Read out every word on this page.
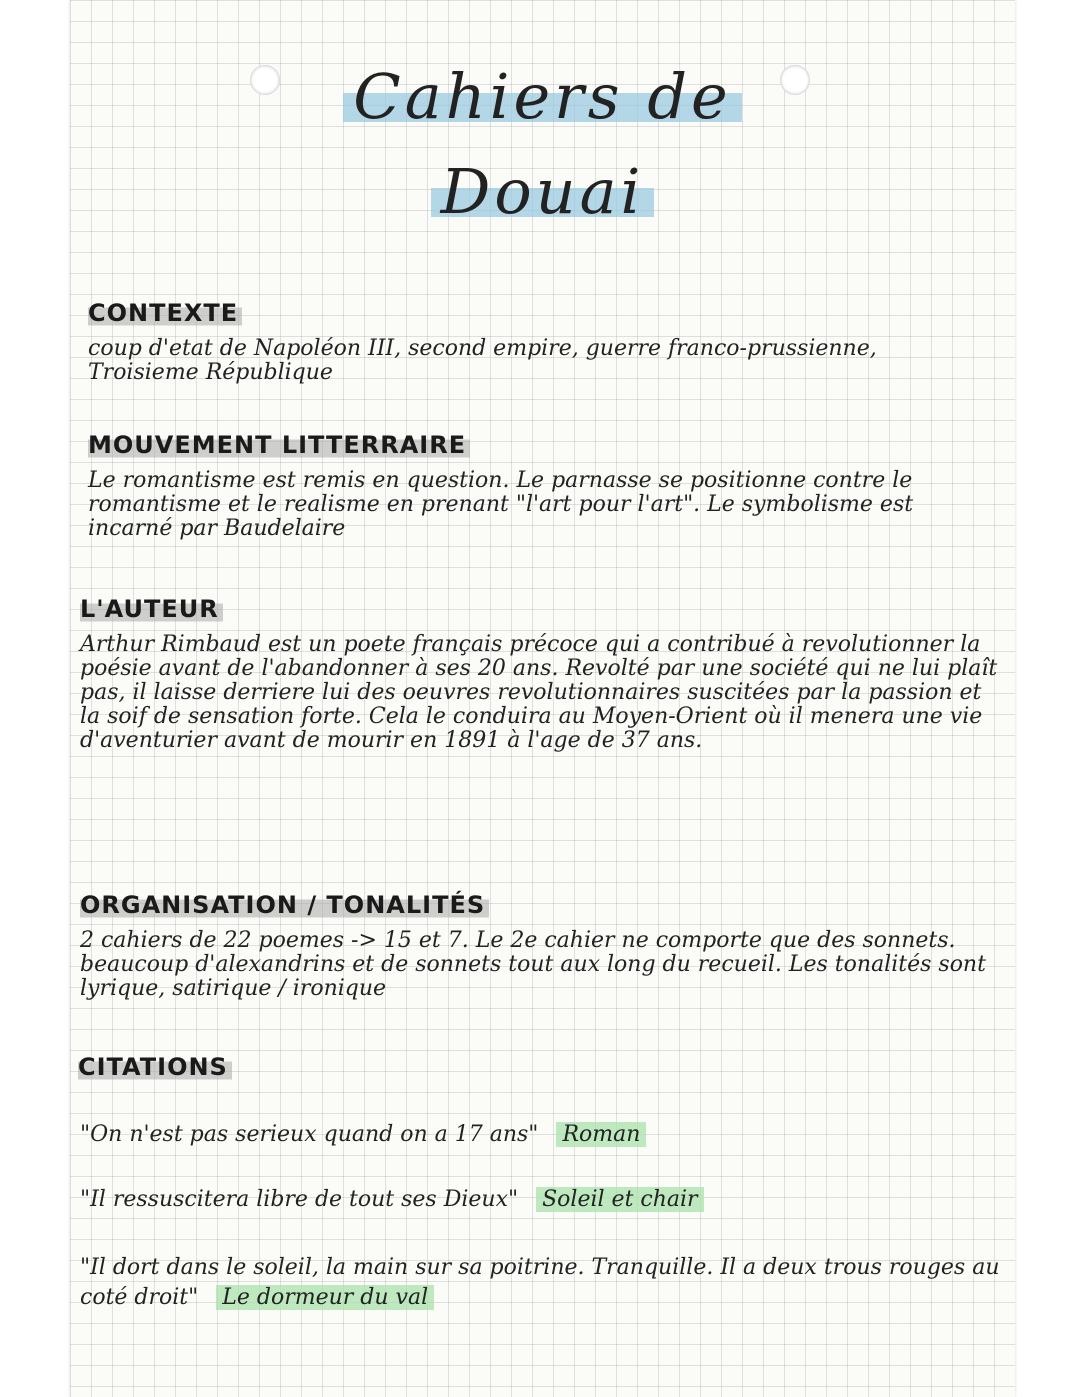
Cahiers de
Douai
CONTEXTE
coup d'etat de Napoléon III, second empire, guerre franco-prussienne, Troisieme République
MOUVEMENT LITTERRAIRE
Le romantisme est remis en question. Le parnasse se positionne contre le romantisme et le realisme en prenant "l'art pour l'art". Le symbolisme est incarné par Baudelaire
L'AUTEUR
Arthur Rimbaud est un poete français précoce qui a contribué à revolutionner la poésie avant de l'abandonner à ses 20 ans. Revolté par une société qui ne lui plaît pas, il laisse derriere lui des oeuvres revolutionnaires suscitées par la passion et la soif de sensation forte. Cela le conduira au Moyen-Orient où il menera une vie d'aventurier avant de mourir en 1891 à l'age de 37 ans.
ORGANISATION / TONALITÉS
2 cahiers de 22 poemes -> 15 et 7. Le 2e cahier ne comporte que des sonnets. beaucoup d'alexandrins et de sonnets tout aux long du recueil. Les tonalités sont lyrique, satirique / ironique
CITATIONS
"On n'est pas serieux quand on a 17 ans" Roman
"Il ressuscitera libre de tout ses Dieux" Soleil et chair
"Il dort dans le soleil, la main sur sa poitrine. Tranquille. Il a deux trous rouges au coté droit" Le dormeur du val
